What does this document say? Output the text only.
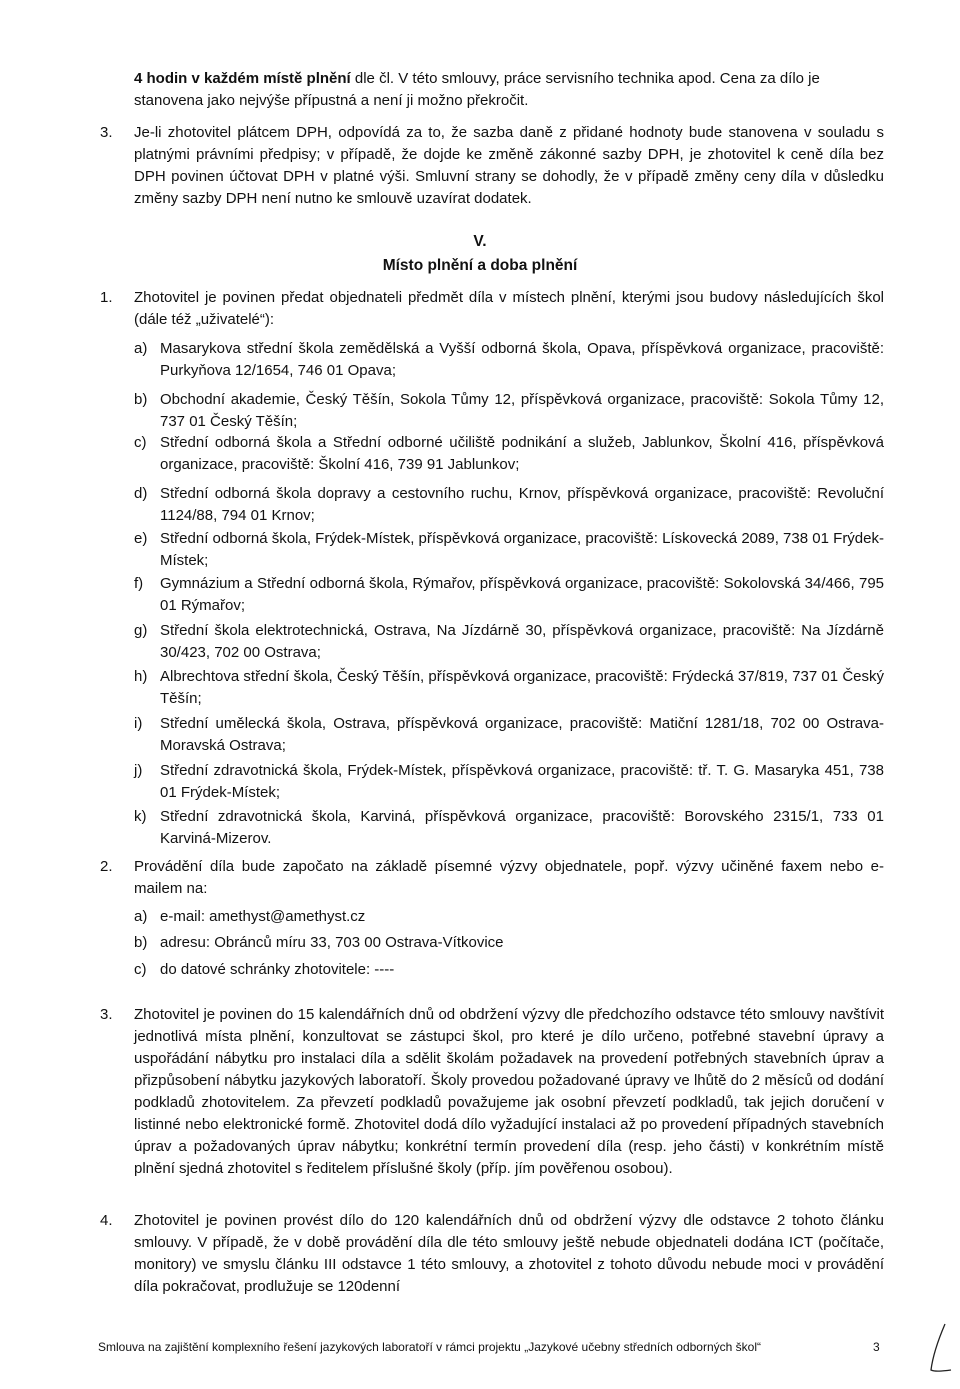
4 hodin v každém místě plnění dle čl. V této smlouvy, práce servisního technika apod. Cena za dílo je stanovena jako nejvýše přípustná a není ji možno překročit.

3.	Je-li zhotovitel plátcem DPH, odpovídá za to, že sazba daně z přidané hodnoty bude stanovena v souladu s platnými právními předpisy; v případě, že dojde ke změně zákonné sazby DPH, je zhotovitel k ceně díla bez DPH povinen účtovat DPH v platné výši. Smluvní strany se dohodly, že v případě změny ceny díla v důsledku změny sazby DPH není nutno ke smlouvě uzavírat dodatek.
V.
Místo plnění a doba plnění
1.	Zhotovitel je povinen předat objednateli předmět díla v místech plnění, kterými jsou budovy následujících škol (dále též „uživatelé“):
a) Masarykova střední škola zemědělská a Vyšší odborná škola, Opava, příspěvková organizace, pracoviště: Purkyňova 12/1654, 746 01 Opava;
b) Obchodní akademie, Český Těšín, Sokola Tůmy 12, příspěvková organizace, pracoviště: Sokola Tůmy 12, 737 01 Český Těšín;
c) Střední odborná škola a Střední odborné učiliště podnikání a služeb, Jablunkov, Školní 416, příspěvková organizace, pracoviště: Školní 416, 739 91 Jablunkov;
d) Střední odborná škola dopravy a cestovního ruchu, Krnov, příspěvková organizace, pracoviště: Revoluční 1124/88, 794 01 Krnov;
e) Střední odborná škola, Frýdek-Místek, příspěvková organizace, pracoviště: Lískovecká 2089, 738 01 Frýdek-Místek;
f)	Gymnázium a Střední odborná škola, Rýmařov, příspěvková organizace, pracoviště: Sokolovská 34/466, 795 01 Rýmařov;
g) Střední škola elektrotechnická, Ostrava, Na Jízdárně 30, příspěvková organizace, pracoviště: Na Jízdárně 30/423, 702 00 Ostrava;
h) Albrechtova střední škola, Český Těšín, příspěvková organizace, pracoviště: Frýdecká 37/819, 737 01 Český Těšín;
i)	Střední umělecká škola, Ostrava, příspěvková organizace, pracoviště: Matiční 1281/18, 702 00 Ostrava-Moravská Ostrava;
j)	Střední zdravotnická škola, Frýdek-Místek, příspěvková organizace, pracoviště: tř. T. G. Masaryka 451, 738 01 Frýdek-Místek;
k) Střední zdravotnická škola, Karviná, příspěvková organizace, pracoviště: Borovského 2315/1, 733 01 Karviná-Mizerov.
2.	Provádění díla bude započato na základě písemné výzvy objednatele, popř. výzvy učiněné faxem nebo e-mailem na:
a) e-mail: amethyst@amethyst.cz
b) adresu: Obránců míru 33, 703 00 Ostrava-Vítkovice
c) do datové schránky zhotovitele: ----
3.	Zhotovitel je povinen do 15 kalendářních dnů od obdržení výzvy dle předchozího odstavce této smlouvy navštívit jednotlivá místa plnění, konzultovat se zástupci škol, pro které je dílo určeno, potřebné stavební úpravy a uspořádání nábytku pro instalaci díla a sdělit školám požadavek na provedení potřebných stavebních úprav a přizpůsobení nábytku jazykových laboratoří. Školy provedou požadované úpravy ve lhůtě do 2 měsíců od dodání podkladů zhotovitelem. Za převzetí podkladů považujeme jak osobní převzetí podkladů, tak jejich doručení v listinné nebo elektronické formě. Zhotovitel dodá dílo vyžadující instalaci až po provedení případných stavebních úprav a požadovaných úprav nábytku; konkrétní termín provedení díla (resp. jeho části) v konkrétním místě plnění sjedná zhotovitel s ředitelem příslušné školy (příp. jím pověřenou osobou).
4.	Zhotovitel je povinen provést dílo do 120 kalendářních dnů od obdržení výzvy dle odstavce 2 tohoto článku smlouvy. V případě, že v době provádění díla dle této smlouvy ještě nebude objednateli dodána ICT (počítače, monitory) ve smyslu článku III odstavce 1 této smlouvy, a zhotovitel z tohoto důvodu nebude moci v provádění díla pokračovat, prodlužuje se 120denní
Smlouva na zajištění komplexního řešení jazykových laboratoří v rámci projektu „Jazykové učebny středních odborných škol“	3
